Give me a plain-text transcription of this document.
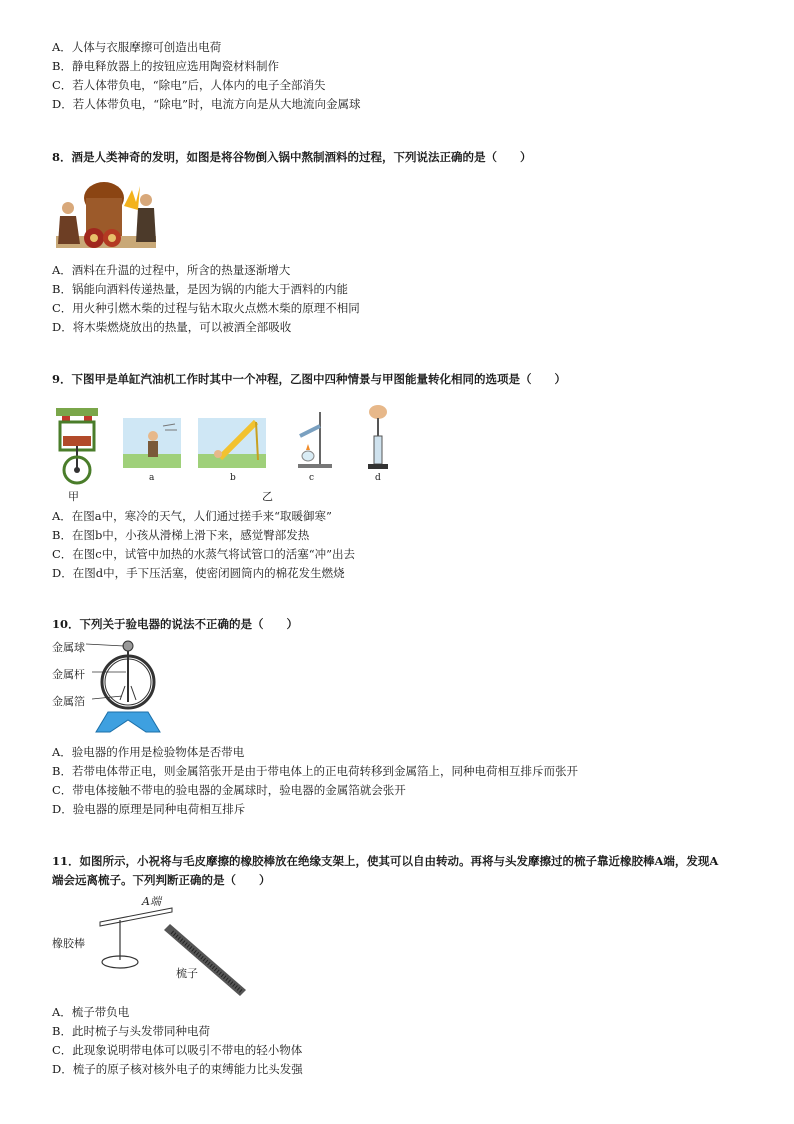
A．人体与衣服摩擦可创造出电荷
B．静电释放器上的按钮应选用陶瓷材料制作
C．若人体带负电，“除电”后，人体内的电子全部消失
D．若人体带负电，“除电”时，电流方向是从大地流向金属球
8．酒是人类神奇的发明，如图是将谷物倒入锅中熬制酒料的过程，下列说法正确的是（　　）
A．酒料在升温的过程中，所含的热量逐渐增大
B．锅能向酒料传递热量，是因为锅的内能大于酒料的内能
C．用火种引燃木柴的过程与钻木取火点燃木柴的原理不相同
D．将木柴燃烧放出的热量，可以被酒全部吸收
9．下图甲是单缸汽油机工作时其中一个冲程，乙图中四种情景与甲图能量转化相同的选项是（　　）
甲
a	b	c	d
乙
A．在图a中，寒冷的天气，人们通过搓手来“取暖御寒”
B．在图b中，小孩从滑梯上滑下来，感觉臀部发热
C．在图c中，试管中加热的水蒸气将试管口的活塞“冲”出去
D．在图d中，手下压活塞，使密闭圆筒内的棉花发生燃烧
10．下列关于验电器的说法不正确的是（　　）
金属球
金属杆
金属箔
A．验电器的作用是检验物体是否带电
B．若带电体带正电，则金属箔张开是由于带电体上的正电荷转移到金属箔上，同种电荷相互排斥而张开
C．带电体接触不带电的验电器的金属球时，验电器的金属箔就会张开
D．验电器的原理是同种电荷相互排斥
11．如图所示，小祝将与毛皮摩擦的橡胶棒放在绝缘支架上，使其可以自由转动。再将与头发摩擦过的梳子靠近橡胶棒A端，发现A
端会远离梳子。下列判断正确的是（　　）
A端
橡胶棒
梳子
A．梳子带负电
B．此时梳子与头发带同种电荷
C．此现象说明带电体可以吸引不带电的轻小物体
D．梳子的原子核对核外电子的束缚能力比头发强
